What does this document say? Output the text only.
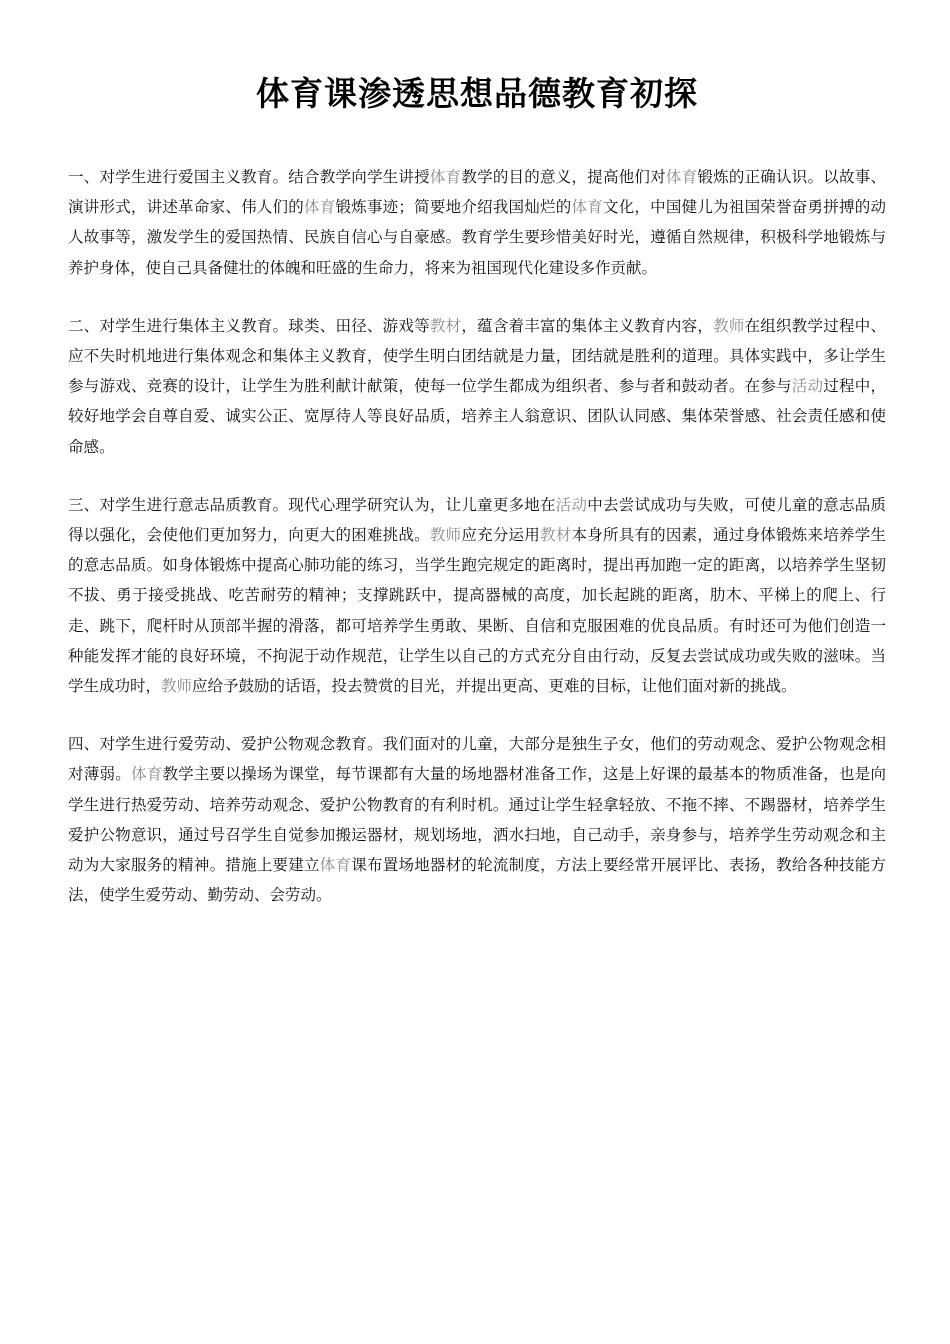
体育课渗透思想品德教育初探

一、对学生进行爱国主义教育。结合教学向学生讲授体育教学的目的意义，提高他们对体育锻炼的正确认识。以故事、演讲形式，讲述革命家、伟人们的体育锻炼事迹；简要地介绍我国灿烂的体育文化，中国健儿为祖国荣誉奋勇拼搏的动人故事等，激发学生的爱国热情、民族自信心与自豪感。教育学生要珍惜美好时光，遵循自然规律，积极科学地锻炼与养护身体，使自己具备健壮的体魄和旺盛的生命力，将来为祖国现代化建设多作贡献。

二、对学生进行集体主义教育。球类、田径、游戏等教材，蕴含着丰富的集体主义教育内容，教师在组织教学过程中、应不失时机地进行集体观念和集体主义教育，使学生明白团结就是力量，团结就是胜利的道理。具体实践中，多让学生参与游戏、竞赛的设计，让学生为胜利献计献策，使每一位学生都成为组织者、参与者和鼓动者。在参与活动过程中，较好地学会自尊自爱、诚实公正、宽厚待人等良好品质，培养主人翁意识、团队认同感、集体荣誉感、社会责任感和使命感。

三、对学生进行意志品质教育。现代心理学研究认为，让儿童更多地在活动中去尝试成功与失败，可使儿童的意志品质得以强化，会使他们更加努力，向更大的困难挑战。教师应充分运用教材本身所具有的因素，通过身体锻炼来培养学生的意志品质。如身体锻炼中提高心肺功能的练习，当学生跑完规定的距离时，提出再加跑一定的距离，以培养学生坚韧不拔、勇于接受挑战、吃苦耐劳的精神；支撑跳跃中，提高器械的高度，加长起跳的距离，肋木、平梯上的爬上、行走、跳下，爬杆时从顶部半握的滑落，都可培养学生勇敢、果断、自信和克服困难的优良品质。有时还可为他们创造一种能发挥才能的良好环境，不拘泥于动作规范，让学生以自己的方式充分自由行动，反复去尝试成功或失败的滋味。当学生成功时，教师应给予鼓励的话语，投去赞赏的目光，并提出更高、更难的目标，让他们面对新的挑战。

四、对学生进行爱劳动、爱护公物观念教育。我们面对的儿童，大部分是独生子女，他们的劳动观念、爱护公物观念相对薄弱。体育教学主要以操场为课堂，每节课都有大量的场地器材准备工作，这是上好课的最基本的物质准备，也是向学生进行热爱劳动、培养劳动观念、爱护公物教育的有利时机。通过让学生轻拿轻放、不拖不摔、不踢器材，培养学生爱护公物意识，通过号召学生自觉参加搬运器材，规划场地，洒水扫地，自己动手，亲身参与，培养学生劳动观念和主动为大家服务的精神。措施上要建立体育课布置场地器材的轮流制度，方法上要经常开展评比、表扬，教给各种技能方法，使学生爱劳动、勤劳动、会劳动。
